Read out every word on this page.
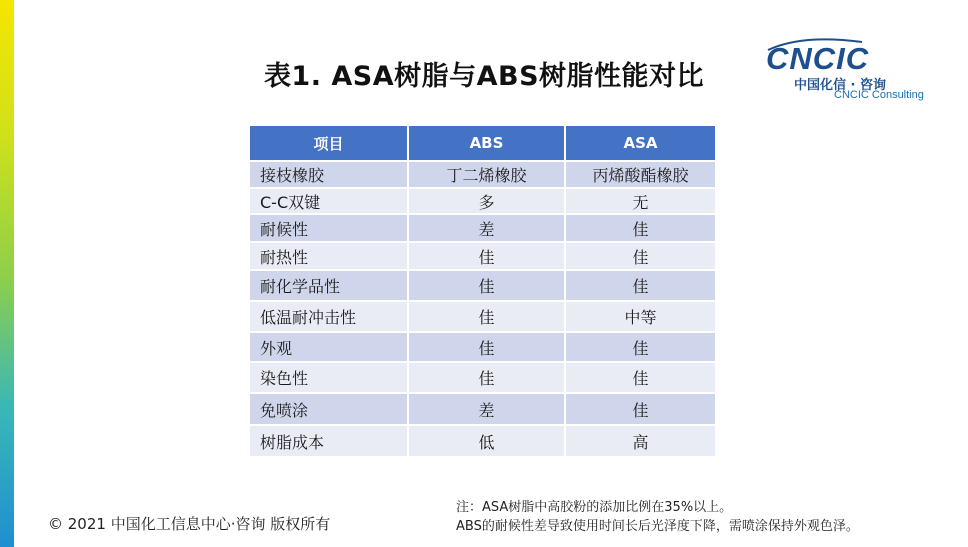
表1. ASA树脂与ABS树脂性能对比
CNCIC
中国化信 · 咨询
CNCIC Consulting
项目	ABS	ASA
接枝橡胶	丁二烯橡胶	丙烯酸酯橡胶
C-C双键	多	无
耐候性	差	佳
耐热性	佳	佳
耐化学品性	佳	佳
低温耐冲击性	佳	中等
外观	佳	佳
染色性	佳	佳
免喷涂	差	佳
树脂成本	低	高
© 2021 中国化工信息中心·咨询 版权所有
注：ASA树脂中高胶粉的添加比例在35%以上。
ABS的耐候性差导致使用时间长后光泽度下降，需喷涂保持外观色泽。
